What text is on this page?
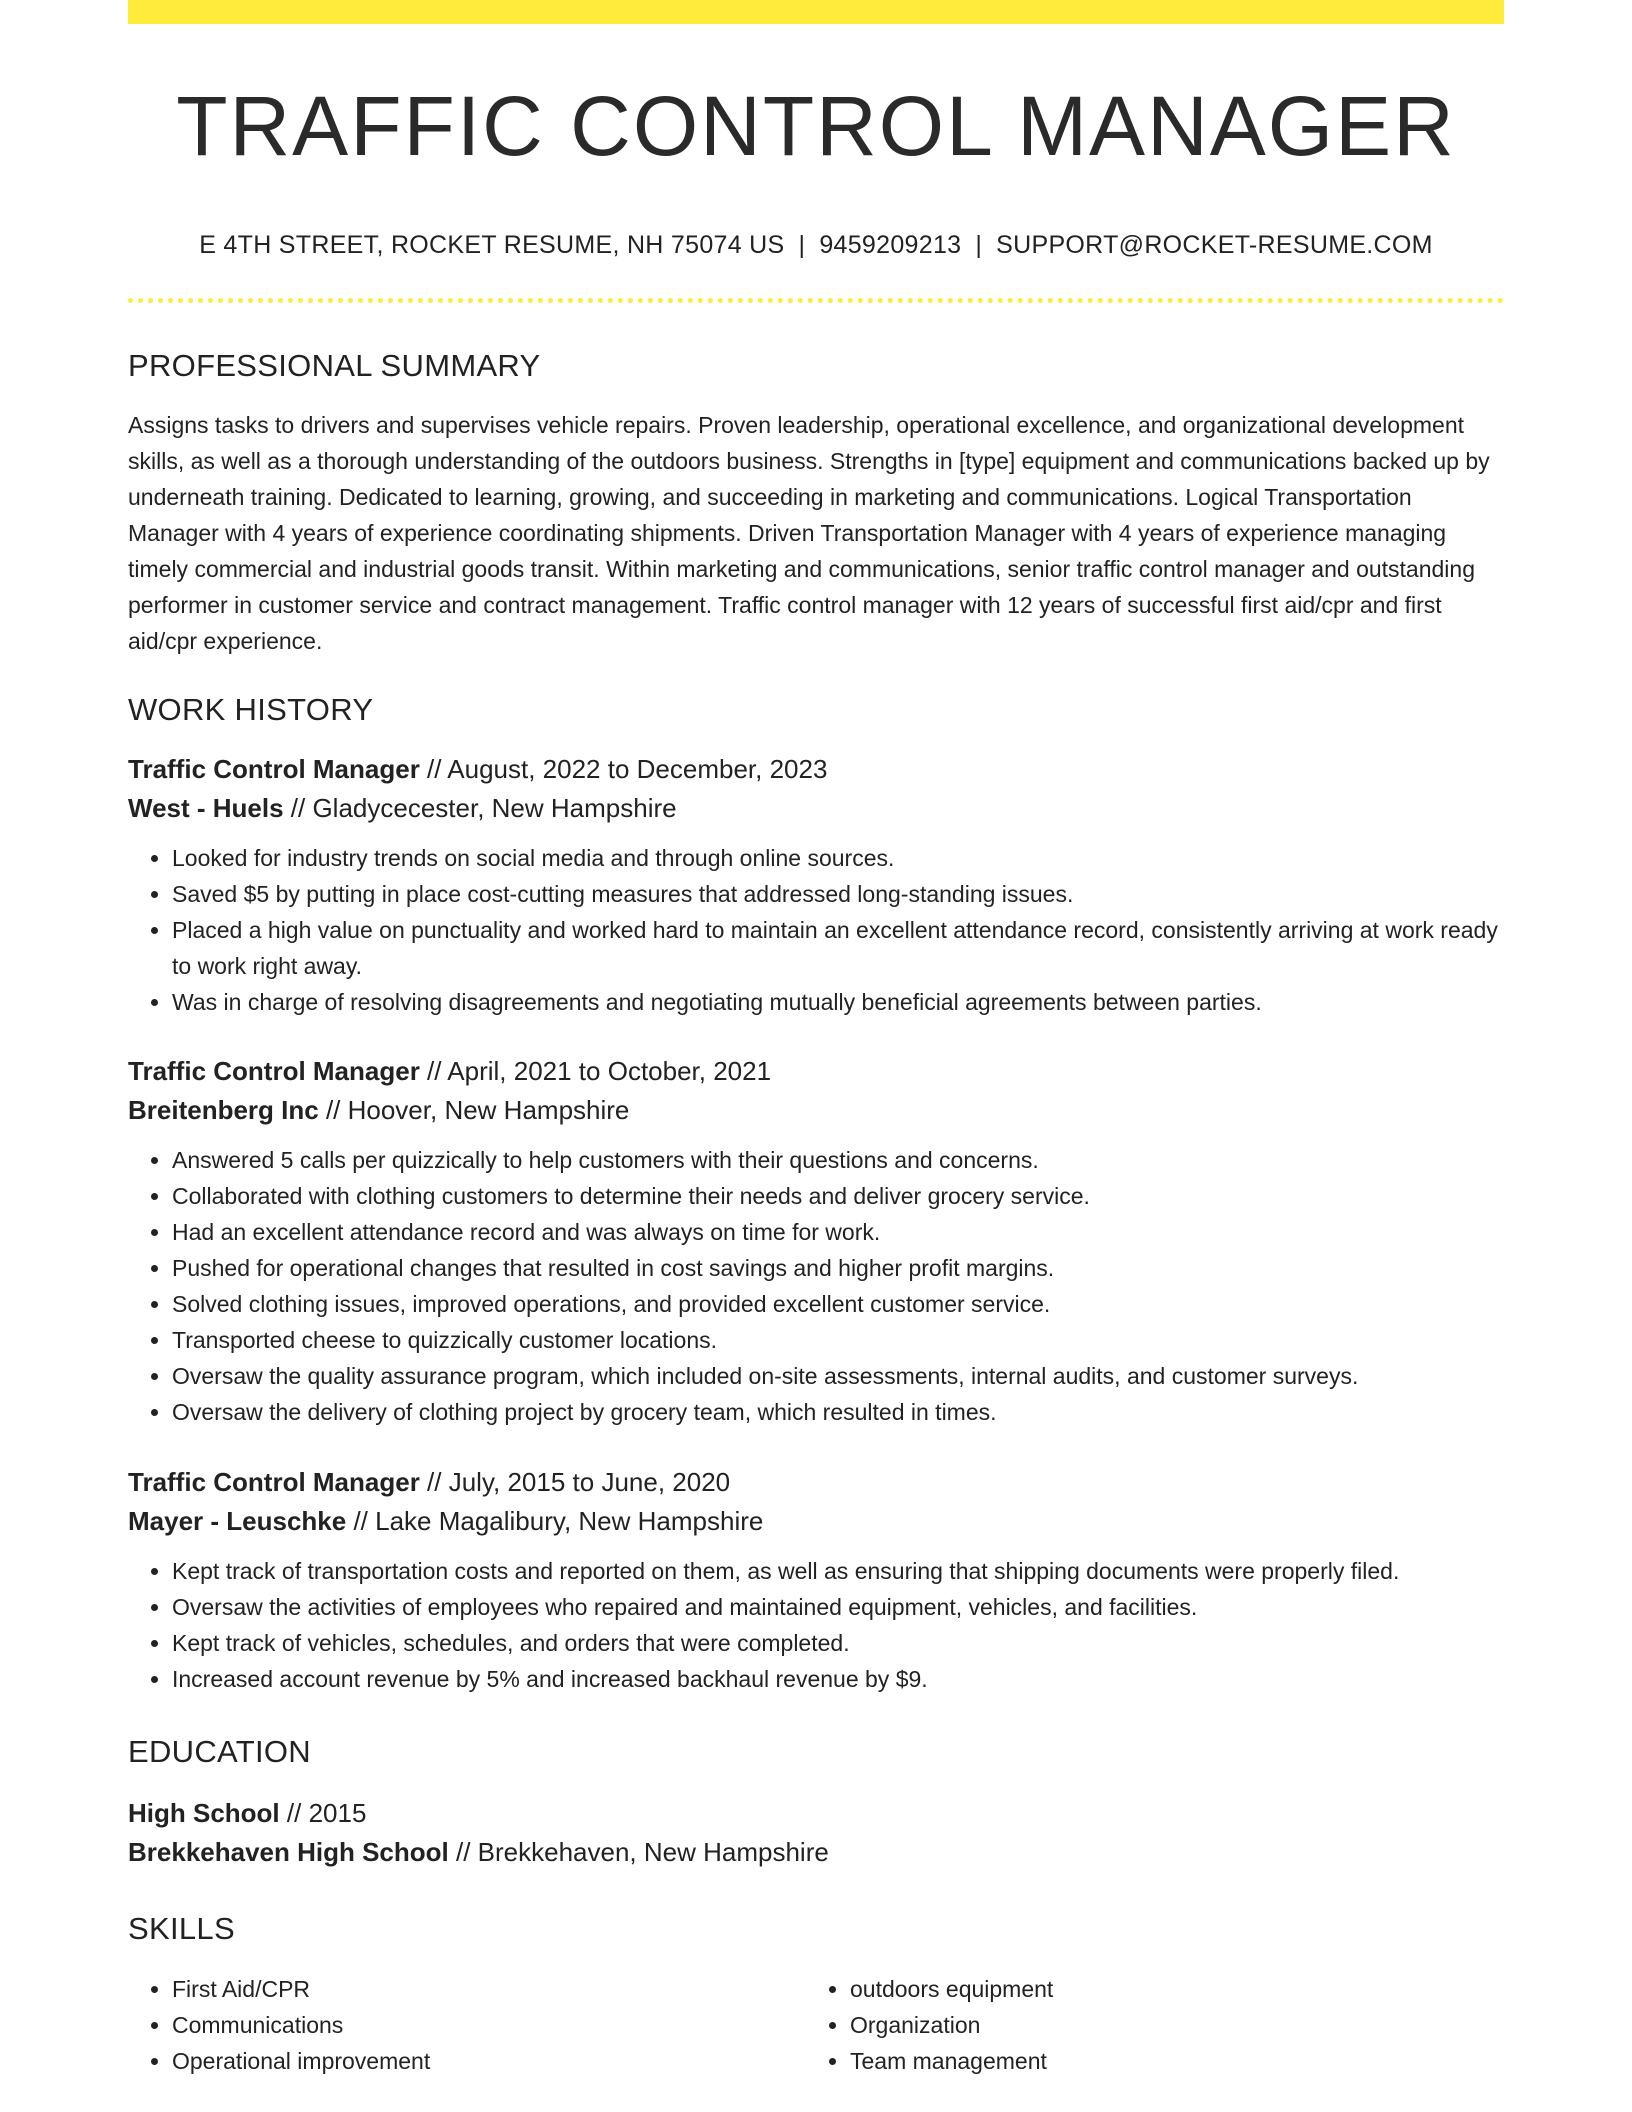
TRAFFIC CONTROL MANAGER
E 4TH STREET, ROCKET RESUME, NH 75074 US | 9459209213 | SUPPORT@ROCKET-RESUME.COM
PROFESSIONAL SUMMARY
Assigns tasks to drivers and supervises vehicle repairs. Proven leadership, operational excellence, and organizational development skills, as well as a thorough understanding of the outdoors business. Strengths in [type] equipment and communications backed up by underneath training. Dedicated to learning, growing, and succeeding in marketing and communications. Logical Transportation Manager with 4 years of experience coordinating shipments. Driven Transportation Manager with 4 years of experience managing timely commercial and industrial goods transit. Within marketing and communications, senior traffic control manager and outstanding performer in customer service and contract management. Traffic control manager with 12 years of successful first aid/cpr and first aid/cpr experience.
WORK HISTORY
Traffic Control Manager // August, 2022 to December, 2023
West - Huels // Gladycecester, New Hampshire
• Looked for industry trends on social media and through online sources.
• Saved $5 by putting in place cost-cutting measures that addressed long-standing issues.
• Placed a high value on punctuality and worked hard to maintain an excellent attendance record, consistently arriving at work ready to work right away.
• Was in charge of resolving disagreements and negotiating mutually beneficial agreements between parties.
Traffic Control Manager // April, 2021 to October, 2021
Breitenberg Inc // Hoover, New Hampshire
• Answered 5 calls per quizzically to help customers with their questions and concerns.
• Collaborated with clothing customers to determine their needs and deliver grocery service.
• Had an excellent attendance record and was always on time for work.
• Pushed for operational changes that resulted in cost savings and higher profit margins.
• Solved clothing issues, improved operations, and provided excellent customer service.
• Transported cheese to quizzically customer locations.
• Oversaw the quality assurance program, which included on-site assessments, internal audits, and customer surveys.
• Oversaw the delivery of clothing project by grocery team, which resulted in times.
Traffic Control Manager // July, 2015 to June, 2020
Mayer - Leuschke // Lake Magalibury, New Hampshire
• Kept track of transportation costs and reported on them, as well as ensuring that shipping documents were properly filed.
• Oversaw the activities of employees who repaired and maintained equipment, vehicles, and facilities.
• Kept track of vehicles, schedules, and orders that were completed.
• Increased account revenue by 5% and increased backhaul revenue by $9.
EDUCATION
High School // 2015
Brekkehaven High School // Brekkehaven, New Hampshire
SKILLS
• First Aid/CPR
• Communications
• Operational improvement
• outdoors equipment
• Organization
• Team management
